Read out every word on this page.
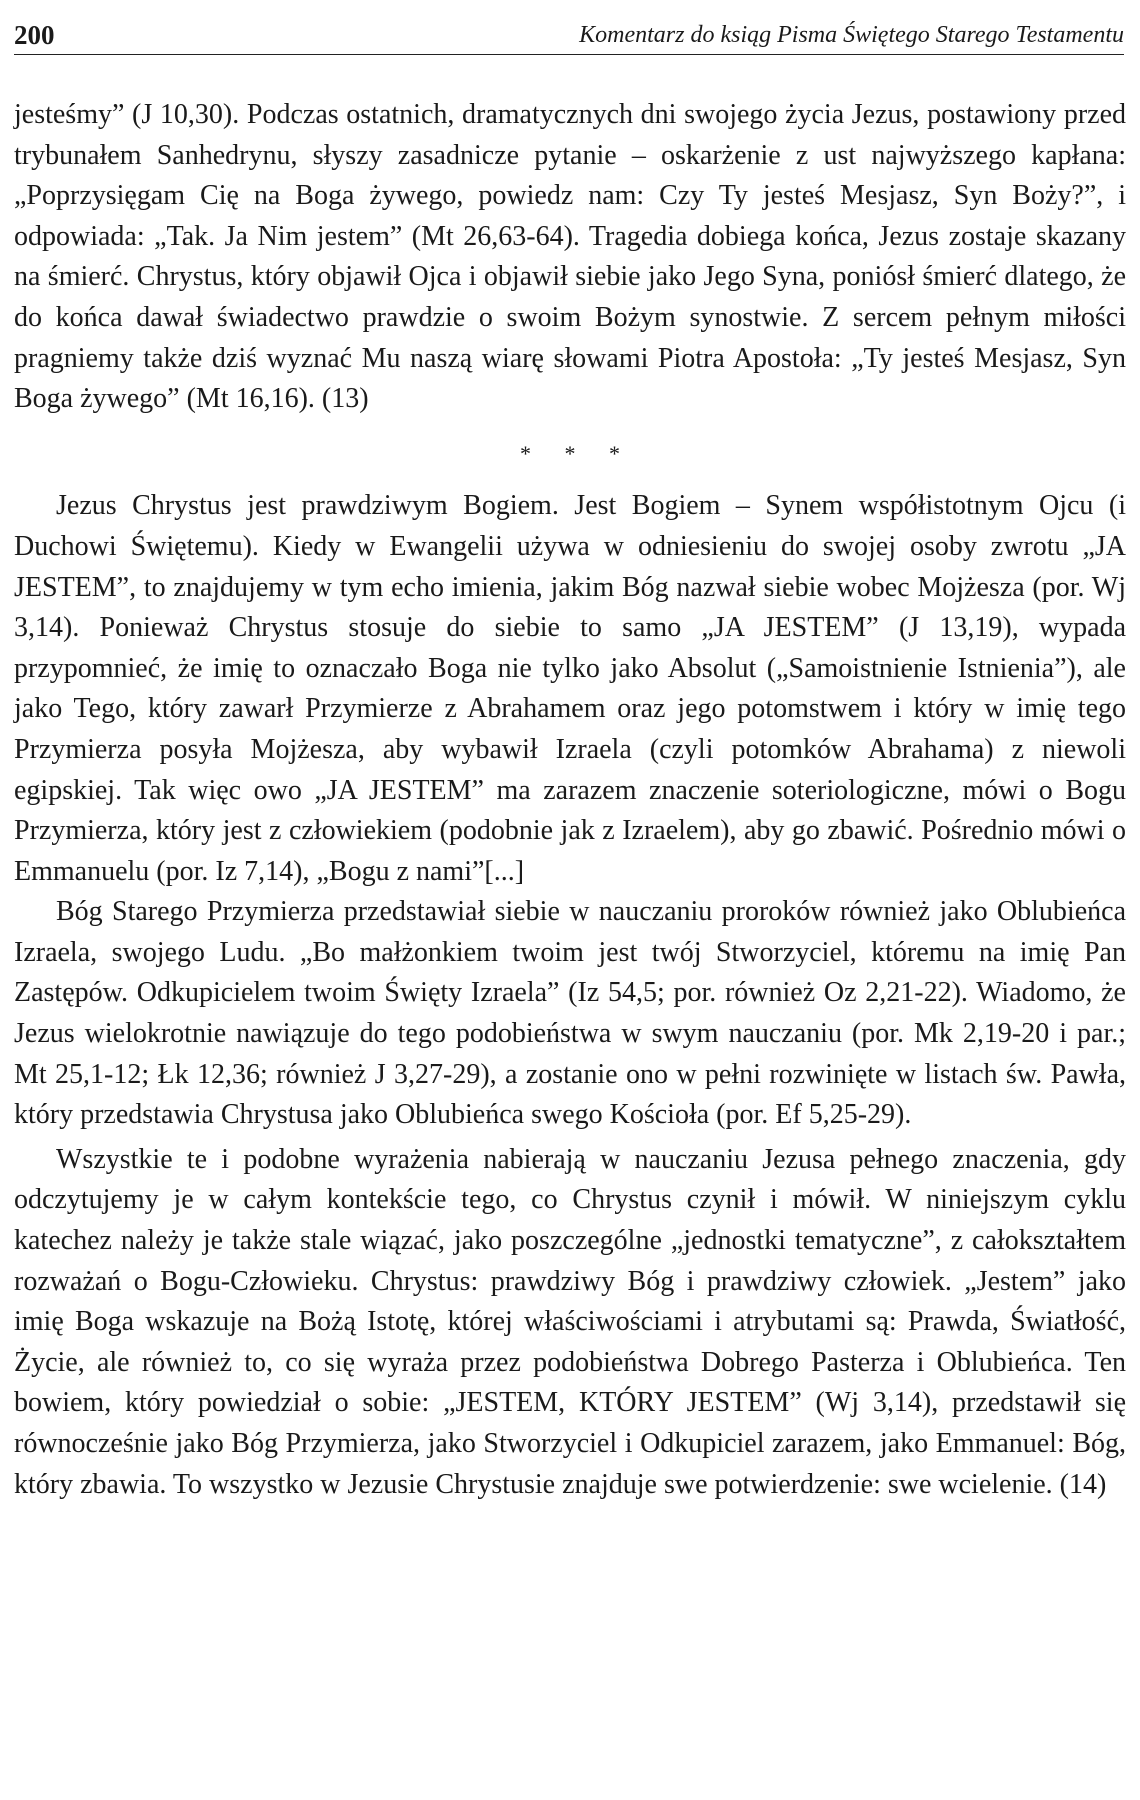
200	Komentarz do ksiąg Pisma Świętego Starego Testamentu

jesteśmy” (J 10,30). Podczas ostatnich, dramatycznych dni swojego życia Jezus, postawiony przed trybunałem Sanhedrynu, słyszy zasadnicze pytanie – oskarżenie z ust najwyższego kapłana: „Poprzysięgam Cię na Boga żywego, powiedz nam: Czy Ty jesteś Mesjasz, Syn Boży?”, i odpowiada: „Tak. Ja Nim jestem” (Mt 26,63-64). Tragedia dobiega końca, Jezus zostaje skazany na śmierć. Chrystus, który objawił Ojca i objawił siebie jako Jego Syna, poniósł śmierć dlatego, że do końca dawał świadectwo prawdzie o swoim Bożym synostwie. Z sercem pełnym miłości pragniemy także dziś wyznać Mu naszą wiarę słowami Piotra Apostoła: „Ty jesteś Mesjasz, Syn Boga żywego” (Mt 16,16). (13)

* * *

Jezus Chrystus jest prawdziwym Bogiem. Jest Bogiem – Synem współistotnym Ojcu (i Duchowi Świętemu). Kiedy w Ewangelii używa w odniesieniu do swojej osoby zwrotu „JA JESTEM”, to znajdujemy w tym echo imienia, jakim Bóg nazwał siebie wobec Mojżesza (por. Wj 3,14). Ponieważ Chrystus stosuje do siebie to samo „JA JESTEM” (J 13,19), wypada przypomnieć, że imię to oznaczało Boga nie tylko jako Absolut („Samoistnienie Istnienia”), ale jako Tego, który zawarł Przymierze z Abrahamem oraz jego potomstwem i który w imię tego Przymierza posyła Mojżesza, aby wybawił Izraela (czyli potomków Abrahama) z niewoli egipskiej. Tak więc owo „JA JESTEM” ma zarazem znaczenie soteriologiczne, mówi o Bogu Przymierza, który jest z człowiekiem (podobnie jak z Izraelem), aby go zbawić. Pośrednio mówi o Emmanuelu (por. Iz 7,14), „Bogu z nami”[...]

Bóg Starego Przymierza przedstawiał siebie w nauczaniu proroków również jako Oblubieńca Izraela, swojego Ludu. „Bo małżonkiem twoim jest twój Stworzyciel, któremu na imię Pan Zastępów. Odkupicielem twoim Święty Izraela” (Iz 54,5; por. również Oz 2,21-22). Wiadomo, że Jezus wielokrotnie nawiązuje do tego podobieństwa w swym nauczaniu (por. Mk 2,19-20 i par.; Mt 25,1-12; Łk 12,36; również J 3,27-29), a zostanie ono w pełni rozwinięte w listach św. Pawła, który przedstawia Chrystusa jako Oblubieńca swego Kościoła (por. Ef 5,25-29).

Wszystkie te i podobne wyrażenia nabierają w nauczaniu Jezusa pełnego znaczenia, gdy odczytujemy je w całym kontekście tego, co Chrystus czynił i mówił. W niniejszym cyklu katechez należy je także stale wiązać, jako poszczególne „jednostki tematyczne”, z całokształtem rozważań o Bogu-Człowieku. Chrystus: prawdziwy Bóg i prawdziwy człowiek. „Jestem” jako imię Boga wskazuje na Bożą Istotę, której właściwościami i atrybutami są: Prawda, Światłość, Życie, ale również to, co się wyraża przez podobieństwa Dobrego Pasterza i Oblubieńca. Ten bowiem, który powiedział o sobie: „JESTEM, KTÓRY JESTEM” (Wj 3,14), przedstawił się równocześnie jako Bóg Przymierza, jako Stworzyciel i Odkupiciel zarazem, jako Emmanuel: Bóg, który zbawia. To wszystko w Jezusie Chrystusie znajduje swe potwierdzenie: swe wcielenie. (14)
